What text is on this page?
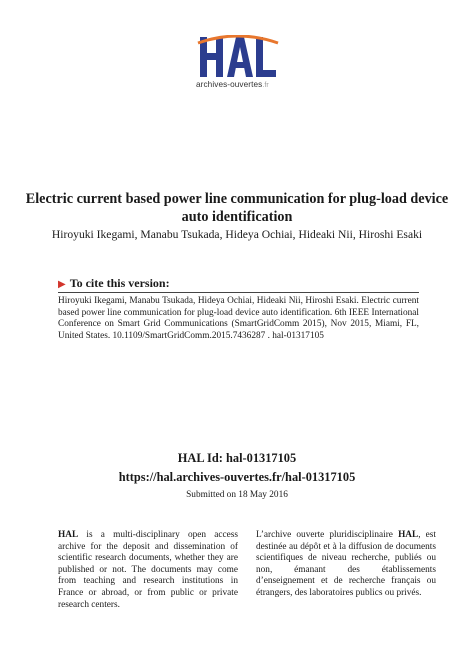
archives-ouvertes.fr
Electric current based power line communication for plug-load device auto identification
Hiroyuki Ikegami, Manabu Tsukada, Hideya Ochiai, Hideaki Nii, Hiroshi Esaki
▶ To cite this version:
Hiroyuki Ikegami, Manabu Tsukada, Hideya Ochiai, Hideaki Nii, Hiroshi Esaki. Electric current based power line communication for plug-load device auto identification. 6th IEEE International Conference on Smart Grid Communications (SmartGridComm 2015), Nov 2015, Miami, FL, United States. 10.1109/SmartGridComm.2015.7436287 . hal-01317105
HAL Id: hal-01317105
https://hal.archives-ouvertes.fr/hal-01317105
Submitted on 18 May 2016
HAL is a multi-disciplinary open access archive for the deposit and dissemination of scientific research documents, whether they are published or not. The documents may come from teaching and research institutions in France or abroad, or from public or private research centers.
L’archive ouverte pluridisciplinaire HAL, est destinée au dépôt et à la diffusion de documents scientifiques de niveau recherche, publiés ou non, émanant des établissements d’enseignement et de recherche français ou étrangers, des laboratoires publics ou privés.
